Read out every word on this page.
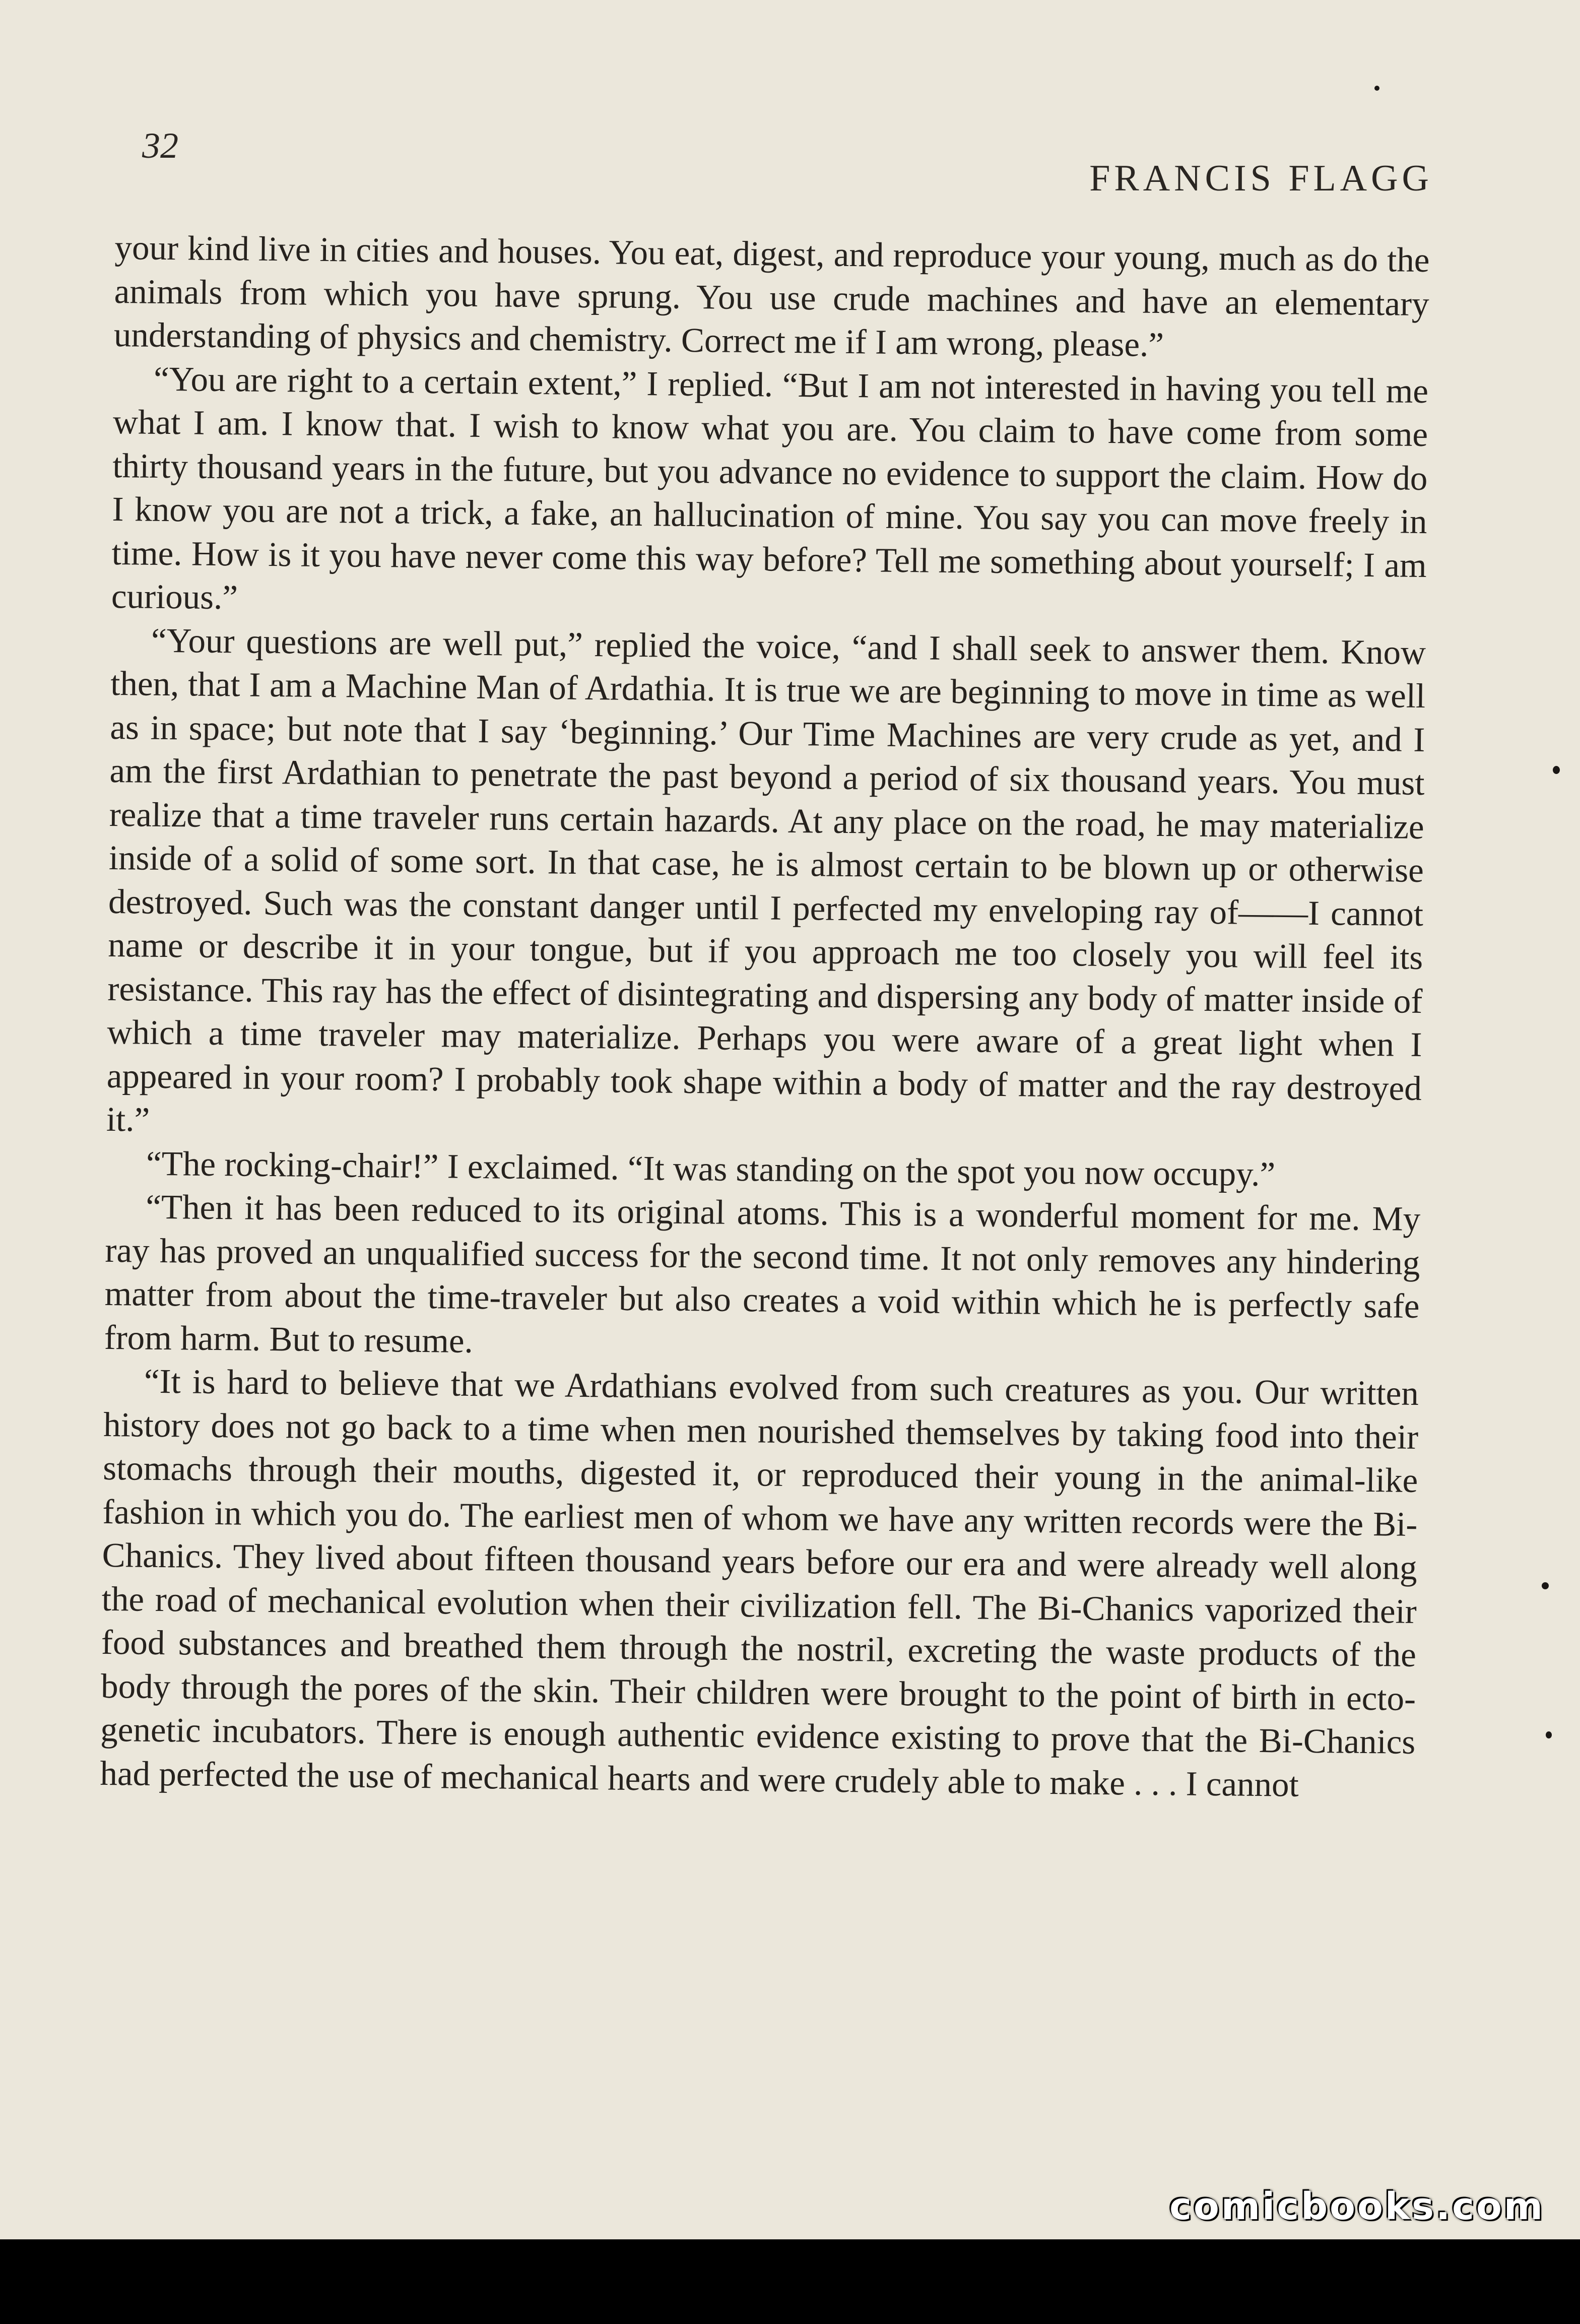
32
FRANCIS FLAGG

your kind live in cities and houses. You eat, digest, and reproduce your young, much as do the animals from which you have sprung. You use crude machines and have an elementary understanding of physics and chemistry. Correct me if I am wrong, please.”

“You are right to a certain extent,” I replied. “But I am not interested in having you tell me what I am. I know that. I wish to know what you are. You claim to have come from some thirty thousand years in the future, but you advance no evidence to support the claim. How do I know you are not a trick, a fake, an hallucination of mine. You say you can move freely in time. How is it you have never come this way before? Tell me something about yourself; I am curious.”

“Your questions are well put,” replied the voice, “and I shall seek to answer them. Know then, that I am a Machine Man of Ardathia. It is true we are beginning to move in time as well as in space; but note that I say ‘beginning.’ Our Time Machines are very crude as yet, and I am the first Ardathian to penetrate the past beyond a period of six thousand years. You must realize that a time traveler runs certain hazards. At any place on the road, he may materialize inside of a solid of some sort. In that case, he is almost certain to be blown up or otherwise destroyed. Such was the constant danger until I perfected my enveloping ray of——I cannot name or describe it in your tongue, but if you approach me too closely you will feel its resistance. This ray has the effect of disintegrating and dispersing any body of matter inside of which a time traveler may materialize. Perhaps you were aware of a great light when I appeared in your room? I probably took shape within a body of matter and the ray destroyed it.”

“The rocking-chair!” I exclaimed. “It was standing on the spot you now occupy.”

“Then it has been reduced to its original atoms. This is a wonderful moment for me. My ray has proved an unqualified success for the second time. It not only removes any hindering matter from about the time-traveler but also creates a void within which he is perfectly safe from harm. But to resume.

“It is hard to believe that we Ardathians evolved from such creatures as you. Our written history does not go back to a time when men nourished themselves by taking food into their stomachs through their mouths, digested it, or reproduced their young in the animal-like fashion in which you do. The earliest men of whom we have any written records were the Bi-Chanics. They lived about fifteen thousand years before our era and were already well along the road of mechanical evolution when their civilization fell. The Bi-Chanics vaporized their food substances and breathed them through the nostril, excreting the waste products of the body through the pores of the skin. Their children were brought to the point of birth in ecto-genetic incubators. There is enough authentic evidence existing to prove that the Bi-Chanics had perfected the use of mechanical hearts and were crudely able to make . . . I cannot

comicbooks.com
